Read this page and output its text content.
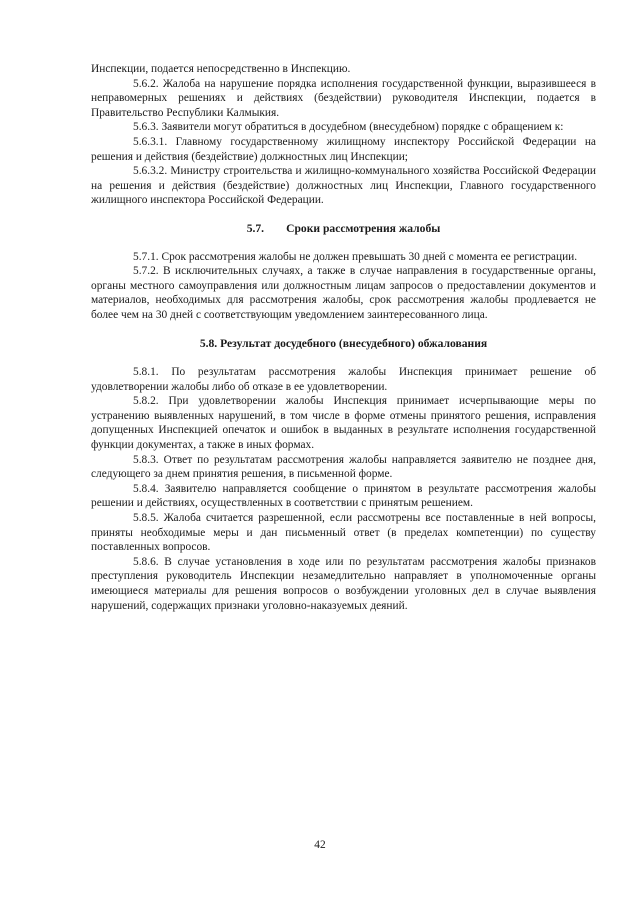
Инспекции, подается непосредственно в Инспекцию.

5.6.2. Жалоба на нарушение порядка исполнения государственной функции, выразившееся в неправомерных решениях и действиях (бездействии) руководителя Инспекции, подается в Правительство Республики Калмыкия.

5.6.3. Заявители могут обратиться в досудебном (внесудебном) порядке с обращением к:

5.6.3.1. Главному государственному жилищному инспектору Российской Федерации на решения и действия (бездействие) должностных лиц Инспекции;

5.6.3.2. Министру строительства и жилищно-коммунального хозяйства Российской Федерации на решения и действия (бездействие) должностных лиц Инспекции, Главного государственного жилищного инспектора Российской Федерации.

5.7. Сроки рассмотрения жалобы

5.7.1. Срок рассмотрения жалобы не должен превышать 30 дней с момента ее регистрации.

5.7.2. В исключительных случаях, а также в случае направления в государственные органы, органы местного самоуправления или должностным лицам запросов о предоставлении документов и материалов, необходимых для рассмотрения жалобы, срок рассмотрения жалобы продлевается не более чем на 30 дней с соответствующим уведомлением заинтересованного лица.

5.8. Результат досудебного (внесудебного) обжалования

5.8.1. По результатам рассмотрения жалобы Инспекция принимает решение об удовлетворении жалобы либо об отказе в ее удовлетворении.

5.8.2. При удовлетворении жалобы Инспекция принимает исчерпывающие меры по устранению выявленных нарушений, в том числе в форме отмены принятого решения, исправления допущенных Инспекцией опечаток и ошибок в выданных в результате исполнения государственной функции документах, а также в иных формах.

5.8.3. Ответ по результатам рассмотрения жалобы направляется заявителю не позднее дня, следующего за днем принятия решения, в письменной форме.

5.8.4. Заявителю направляется сообщение о принятом в результате рассмотрения жалобы решении и действиях, осуществленных в соответствии с принятым решением.

5.8.5. Жалоба считается разрешенной, если рассмотрены все поставленные в ней вопросы, приняты необходимые меры и дан письменный ответ (в пределах компетенции) по существу поставленных вопросов.

5.8.6. В случае установления в ходе или по результатам рассмотрения жалобы признаков преступления руководитель Инспекции незамедлительно направляет в уполномоченные органы имеющиеся материалы для решения вопросов о возбуждении уголовных дел в случае выявления нарушений, содержащих признаки уголовно-наказуемых деяний.

42
